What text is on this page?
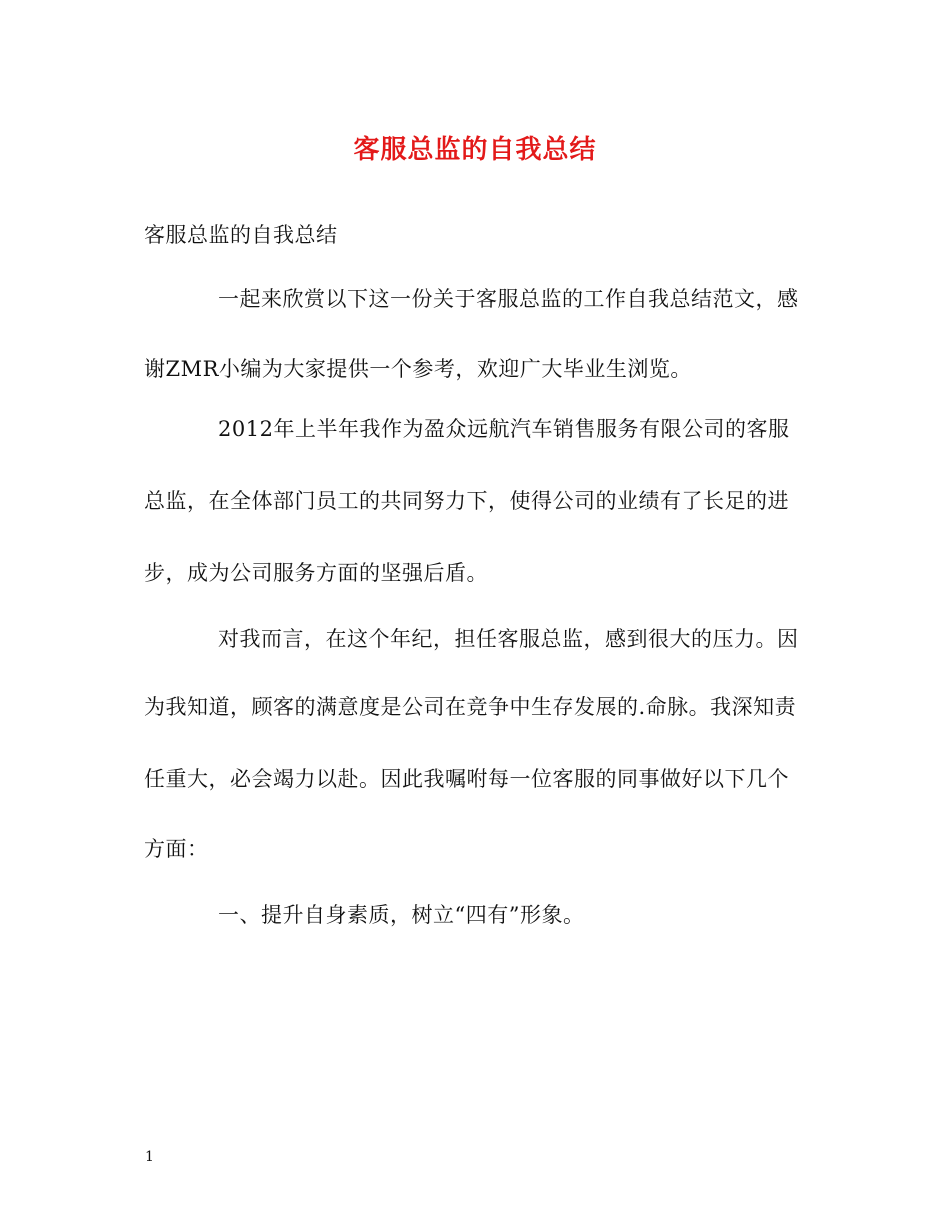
客服总监的自我总结
客服总监的自我总结
一起来欣赏以下这一份关于客服总监的工作自我总结范文，感
谢ZMR小编为大家提供一个参考，欢迎广大毕业生浏览。
2012年上半年我作为盈众远航汽车销售服务有限公司的客服
总监，在全体部门员工的共同努力下，使得公司的业绩有了长足的进
步，成为公司服务方面的坚强后盾。
对我而言，在这个年纪，担任客服总监，感到很大的压力。因
为我知道，顾客的满意度是公司在竞争中生存发展的.命脉。我深知责
任重大，必会竭力以赴。因此我嘱咐每一位客服的同事做好以下几个
方面：
一、提升自身素质，树立“四有”形象。
1
